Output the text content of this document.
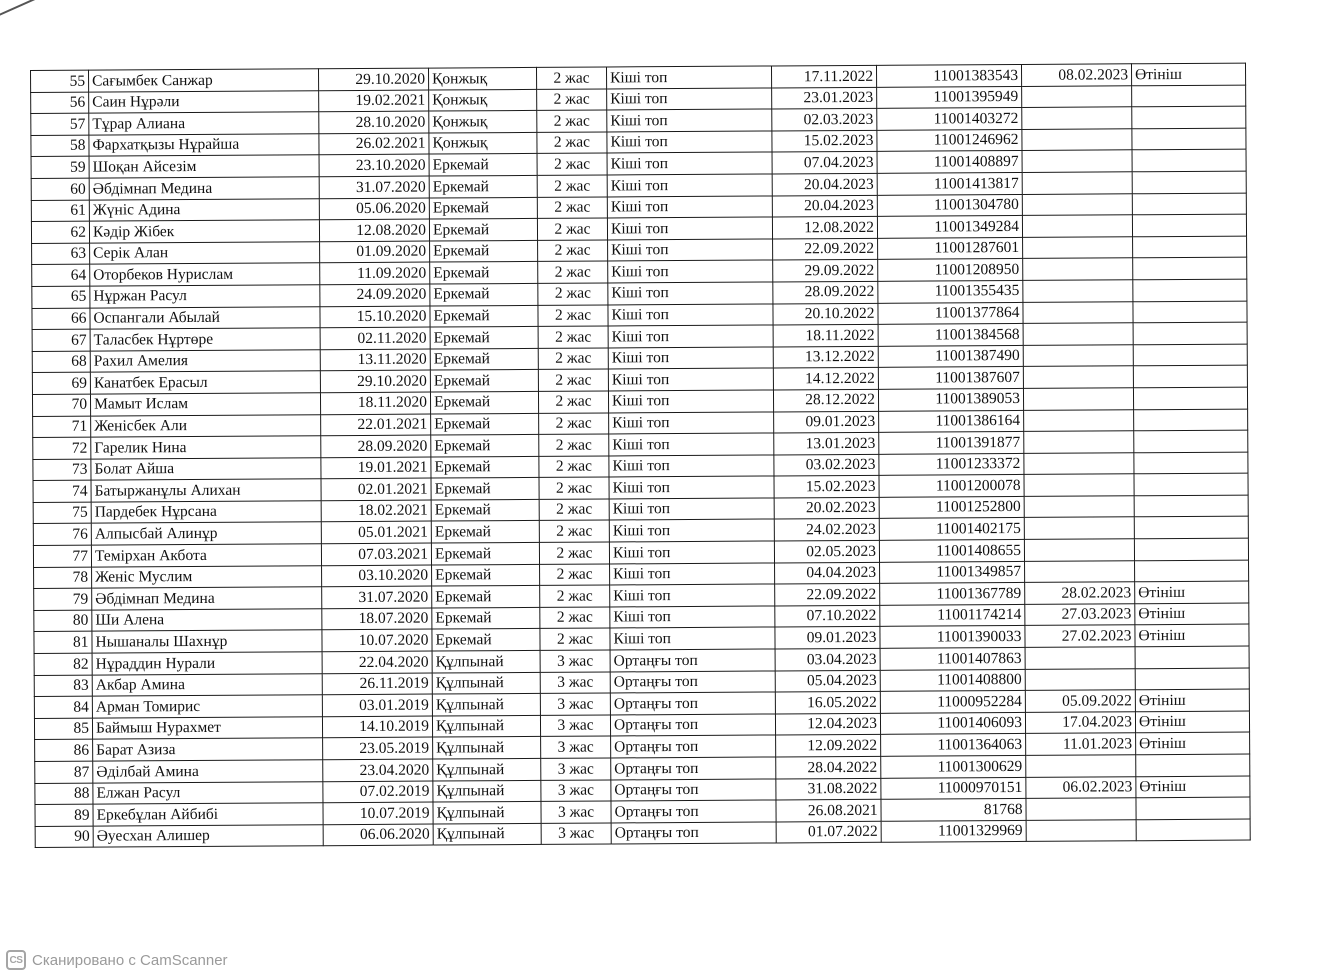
55	Сағымбек Санжар	29.10.2020	Қонжық	2 жас	Кіші топ	17.11.2022	11001383543	08.02.2023	Өтініш
56	Саин Нұрәли	19.02.2021	Қонжық	2 жас	Кіші топ	23.01.2023	11001395949		
57	Тұрар Алиана	28.10.2020	Қонжық	2 жас	Кіші топ	02.03.2023	11001403272		
58	Фархатқызы Нұрайша	26.02.2021	Қонжық	2 жас	Кіші топ	15.02.2023	11001246962		
59	Шоқан Айсезім	23.10.2020	Еркемай	2 жас	Кіші топ	07.04.2023	11001408897		
60	Әбдімнап Медина	31.07.2020	Еркемай	2 жас	Кіші топ	20.04.2023	11001413817		
61	Жүніс Адина	05.06.2020	Еркемай	2 жас	Кіші топ	20.04.2023	11001304780		
62	Кәдір Жібек	12.08.2020	Еркемай	2 жас	Кіші топ	12.08.2022	11001349284		
63	Серік Алан	01.09.2020	Еркемай	2 жас	Кіші топ	22.09.2022	11001287601		
64	Оторбеков Нурислам	11.09.2020	Еркемай	2 жас	Кіші топ	29.09.2022	11001208950		
65	Нұржан Расул	24.09.2020	Еркемай	2 жас	Кіші топ	28.09.2022	11001355435		
66	Оспангали Абылай	15.10.2020	Еркемай	2 жас	Кіші топ	20.10.2022	11001377864		
67	Таласбек Нұртөре	02.11.2020	Еркемай	2 жас	Кіші топ	18.11.2022	11001384568		
68	Рахил Амелия	13.11.2020	Еркемай	2 жас	Кіші топ	13.12.2022	11001387490		
69	Канатбек Ерасыл	29.10.2020	Еркемай	2 жас	Кіші топ	14.12.2022	11001387607		
70	Мамыт Ислам	18.11.2020	Еркемай	2 жас	Кіші топ	28.12.2022	11001389053		
71	Женісбек Али	22.01.2021	Еркемай	2 жас	Кіші топ	09.01.2023	11001386164		
72	Гарелик Нина	28.09.2020	Еркемай	2 жас	Кіші топ	13.01.2023	11001391877		
73	Болат Айша	19.01.2021	Еркемай	2 жас	Кіші топ	03.02.2023	11001233372		
74	Батыржанұлы Алихан	02.01.2021	Еркемай	2 жас	Кіші топ	15.02.2023	11001200078		
75	Пардебек Нұрсана	18.02.2021	Еркемай	2 жас	Кіші топ	20.02.2023	11001252800		
76	Алпысбай Алинұр	05.01.2021	Еркемай	2 жас	Кіші топ	24.02.2023	11001402175		
77	Темірхан Акбота	07.03.2021	Еркемай	2 жас	Кіші топ	02.05.2023	11001408655		
78	Женіс Муслим	03.10.2020	Еркемай	2 жас	Кіші топ	04.04.2023	11001349857		
79	Әбдімнап Медина	31.07.2020	Еркемай	2 жас	Кіші топ	22.09.2022	11001367789	28.02.2023	Өтініш
80	Ши Алена	18.07.2020	Еркемай	2 жас	Кіші топ	07.10.2022	11001174214	27.03.2023	Өтініш
81	Нышаналы Шахнұр	10.07.2020	Еркемай	2 жас	Кіші топ	09.01.2023	11001390033	27.02.2023	Өтініш
82	Нұраддин Нурали	22.04.2020	Құлпынай	3 жас	Ортаңғы топ	03.04.2023	11001407863		
83	Акбар Амина	26.11.2019	Құлпынай	3 жас	Ортаңғы топ	05.04.2023	11001408800		
84	Арман Томирис	03.01.2019	Құлпынай	3 жас	Ортаңғы топ	16.05.2022	11000952284	05.09.2022	Өтініш
85	Баймыш Нурахмет	14.10.2019	Құлпынай	3 жас	Ортаңғы топ	12.04.2023	11001406093	17.04.2023	Өтініш
86	Барат Азиза	23.05.2019	Құлпынай	3 жас	Ортаңғы топ	12.09.2022	11001364063	11.01.2023	Өтініш
87	Әділбай Амина	23.04.2020	Құлпынай	3 жас	Ортаңғы топ	28.04.2022	11001300629		
88	Елжан Расул	07.02.2019	Құлпынай	3 жас	Ортаңғы топ	31.08.2022	11000970151	06.02.2023	Өтініш
89	Еркебұлан Айбибі	10.07.2019	Құлпынай	3 жас	Ортаңғы топ	26.08.2021	81768		
90	Әуесхан Алишер	06.06.2020	Құлпынай	3 жас	Ортаңғы топ	01.07.2022	11001329969		
CS Сканировано с CamScanner
